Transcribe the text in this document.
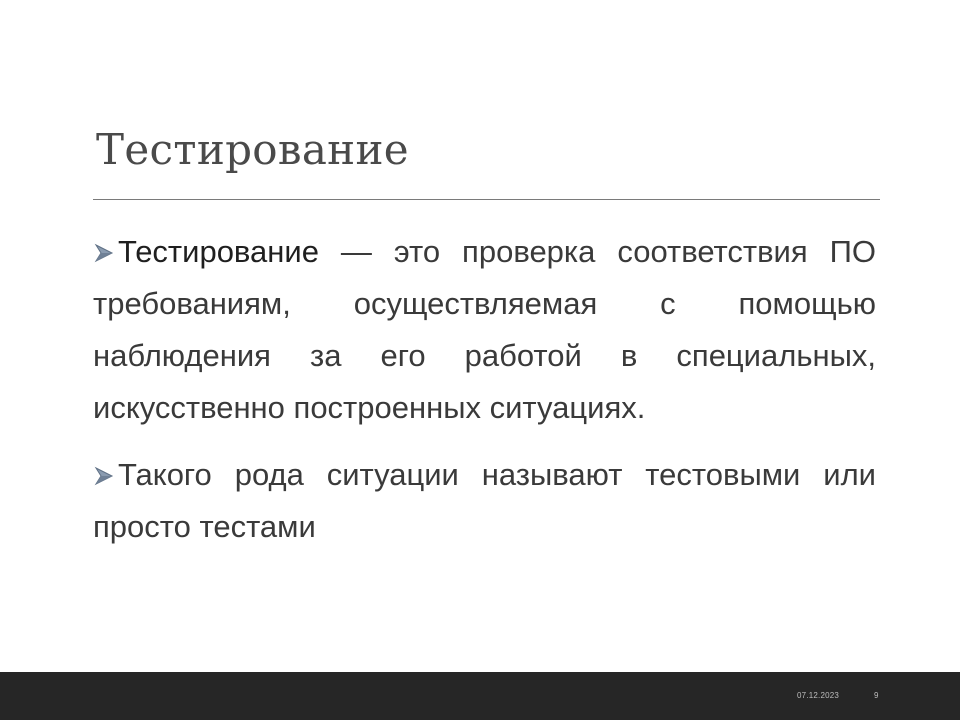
Тестирование

Тестирование — это проверка соответствия ПО требованиям, осуществляемая с помощью наблюдения за его работой в специальных, искусственно построенных ситуациях.

Такого рода ситуации называют тестовыми или просто тестами

07.12.2023	9
